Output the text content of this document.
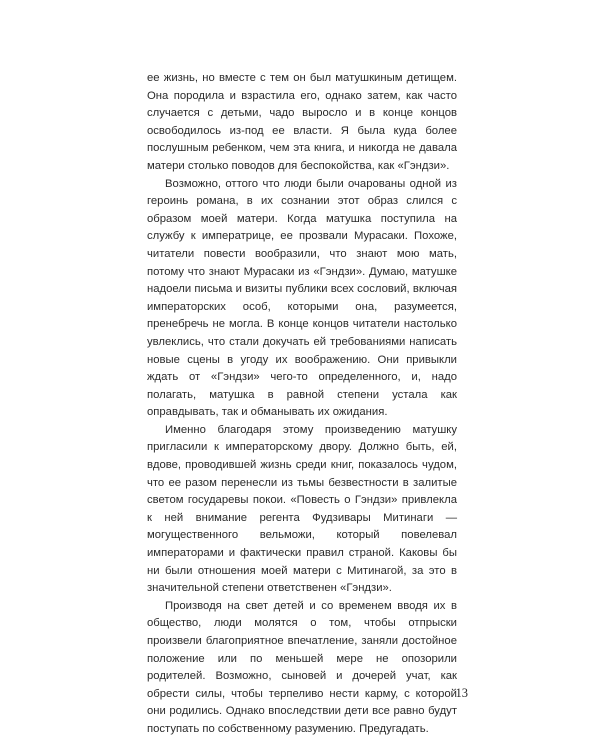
ее жизнь, но вместе с тем он был матушкиным детищем. Она породила и взрастила его, однако затем, как часто случается с детьми, чадо выросло и в конце концов освободилось из-под ее власти. Я была куда более послушным ребенком, чем эта книга, и никогда не давала матери столько поводов для беспокойства, как «Гэндзи».

Возможно, оттого что люди были очарованы одной из героинь романа, в их сознании этот образ слился с образом моей матери. Когда матушка поступила на службу к императрице, ее прозвали Мурасаки. Похоже, читатели повести вообразили, что знают мою мать, потому что знают Мурасаки из «Гэндзи». Думаю, матушке надоели письма и визиты публики всех сословий, включая императорских особ, которыми она, разумеется, пренебречь не могла. В конце концов читатели настолько увлеклись, что стали докучать ей требованиями написать новые сцены в угоду их воображению. Они привыкли ждать от «Гэндзи» чего-то определенного, и, надо полагать, матушка в равной степени устала как оправдывать, так и обманывать их ожидания.

Именно благодаря этому произведению матушку пригласили к императорскому двору. Должно быть, ей, вдове, проводившей жизнь среди книг, показалось чудом, что ее разом перенесли из тьмы безвестности в залитые светом государевы покои. «Повесть о Гэндзи» привлекла к ней внимание регента Фудзивары Митинаги — могущественного вельможи, который повелевал императорами и фактически правил страной. Каковы бы ни были отношения моей матери с Митинагой, за это в значительной степени ответственен «Гэндзи».

Производя на свет детей и со временем вводя их в общество, люди молятся о том, чтобы отпрыски произвели благоприятное впечатление, заняли достойное положение или по меньшей мере не опозорили родителей. Возможно, сыновей и дочерей учат, как обрести силы, чтобы терпеливо нести карму, с которой они родились. Однако впоследствии дети все равно будут поступать по собственному разумению. Предугадать.

13
